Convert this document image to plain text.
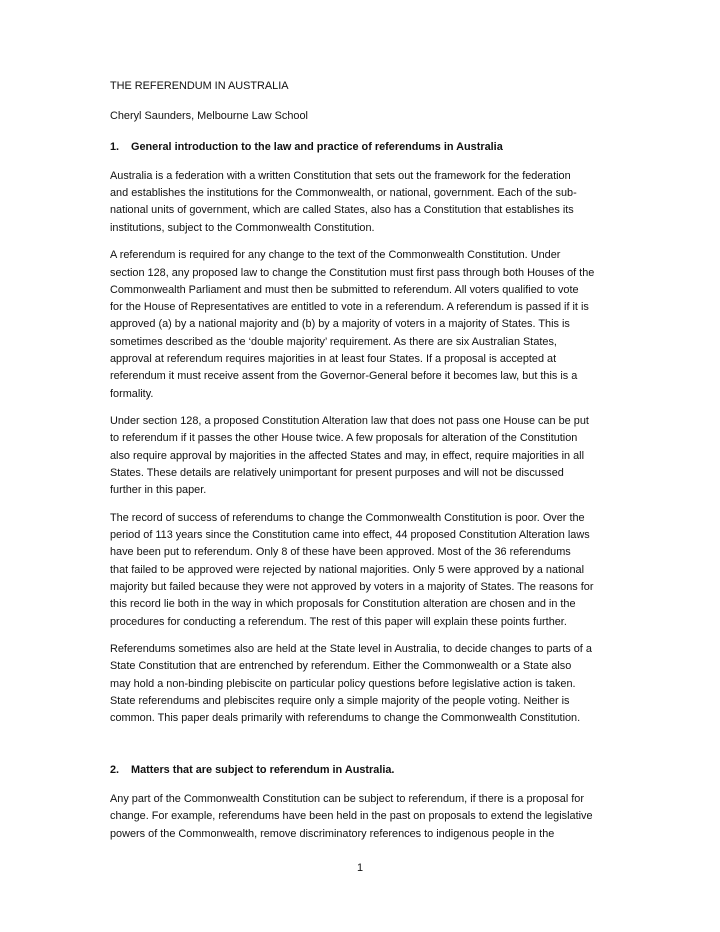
THE REFERENDUM IN AUSTRALIA

Cheryl Saunders, Melbourne Law School

1. General introduction to the law and practice of referendums in Australia

Australia is a federation with a written Constitution that sets out the framework for the federation

and establishes the institutions for the Commonwealth, or national, government. Each of the sub-

national units of government, which are called States, also has a Constitution that establishes its

institutions, subject to the Commonwealth Constitution.

A referendum is required for any change to the text of the Commonwealth Constitution. Under

section 128, any proposed law to change the Constitution must first pass through both Houses of the

Commonwealth Parliament and must then be submitted to referendum. All voters qualified to vote

for the House of Representatives are entitled to vote in a referendum. A referendum is passed if it is

approved (a) by a national majority and (b) by a majority of voters in a majority of States. This is

sometimes described as the ‘double majority’ requirement. As there are six Australian States,

approval at referendum requires majorities in at least four States. If a proposal is accepted at

referendum it must receive assent from the Governor-General before it becomes law, but this is a

formality.

Under section 128, a proposed Constitution Alteration law that does not pass one House can be put

to referendum if it passes the other House twice. A few proposals for alteration of the Constitution

also require approval by majorities in the affected States and may, in effect, require majorities in all

States. These details are relatively unimportant for present purposes and will not be discussed

further in this paper.

The record of success of referendums to change the Commonwealth Constitution is poor. Over the

period of 113 years since the Constitution came into effect, 44 proposed Constitution Alteration laws

have been put to referendum. Only 8 of these have been approved. Most of the 36 referendums

that failed to be approved were rejected by national majorities. Only 5 were approved by a national

majority but failed because they were not approved by voters in a majority of States. The reasons for

this record lie both in the way in which proposals for Constitution alteration are chosen and in the

procedures for conducting a referendum. The rest of this paper will explain these points further.

Referendums sometimes also are held at the State level in Australia, to decide changes to parts of a

State Constitution that are entrenched by referendum. Either the Commonwealth or a State also

may hold a non-binding plebiscite on particular policy questions before legislative action is taken.

State referendums and plebiscites require only a simple majority of the people voting. Neither is

common. This paper deals primarily with referendums to change the Commonwealth Constitution.

2. Matters that are subject to referendum in Australia.

Any part of the Commonwealth Constitution can be subject to referendum, if there is a proposal for

change. For example, referendums have been held in the past on proposals to extend the legislative

powers of the Commonwealth, remove discriminatory references to indigenous people in the

1
